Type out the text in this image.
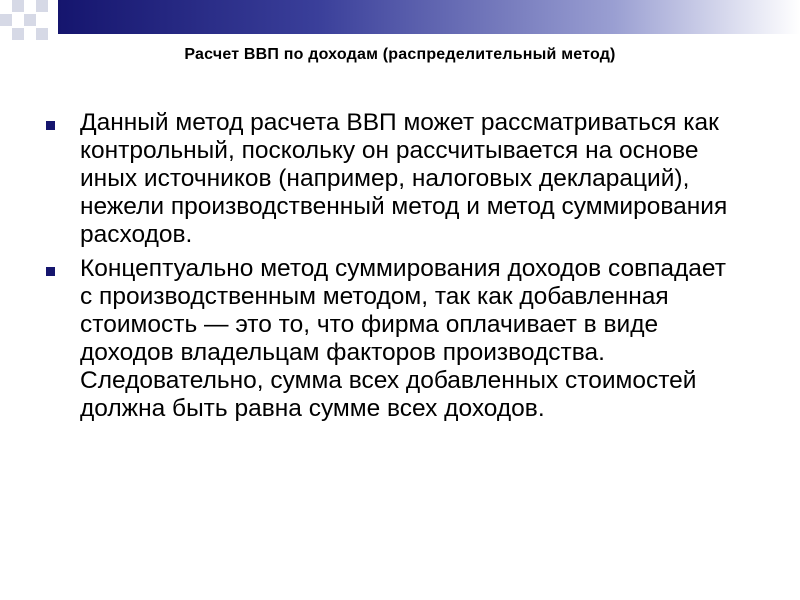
Расчет ВВП по доходам (распределительный метод)
Данный метод расчета ВВП может рассматриваться как контрольный, поскольку он рассчитывается на основе иных источников (например, налоговых деклараций), нежели производственный метод и метод суммирования расходов.
Концептуально метод суммирования доходов совпадает с производственным методом, так как добавленная стоимость — это то, что фирма оплачивает в виде доходов владельцам факторов производства. Следовательно, сумма всех добавленных стоимостей должна быть равна сумме всех доходов.
